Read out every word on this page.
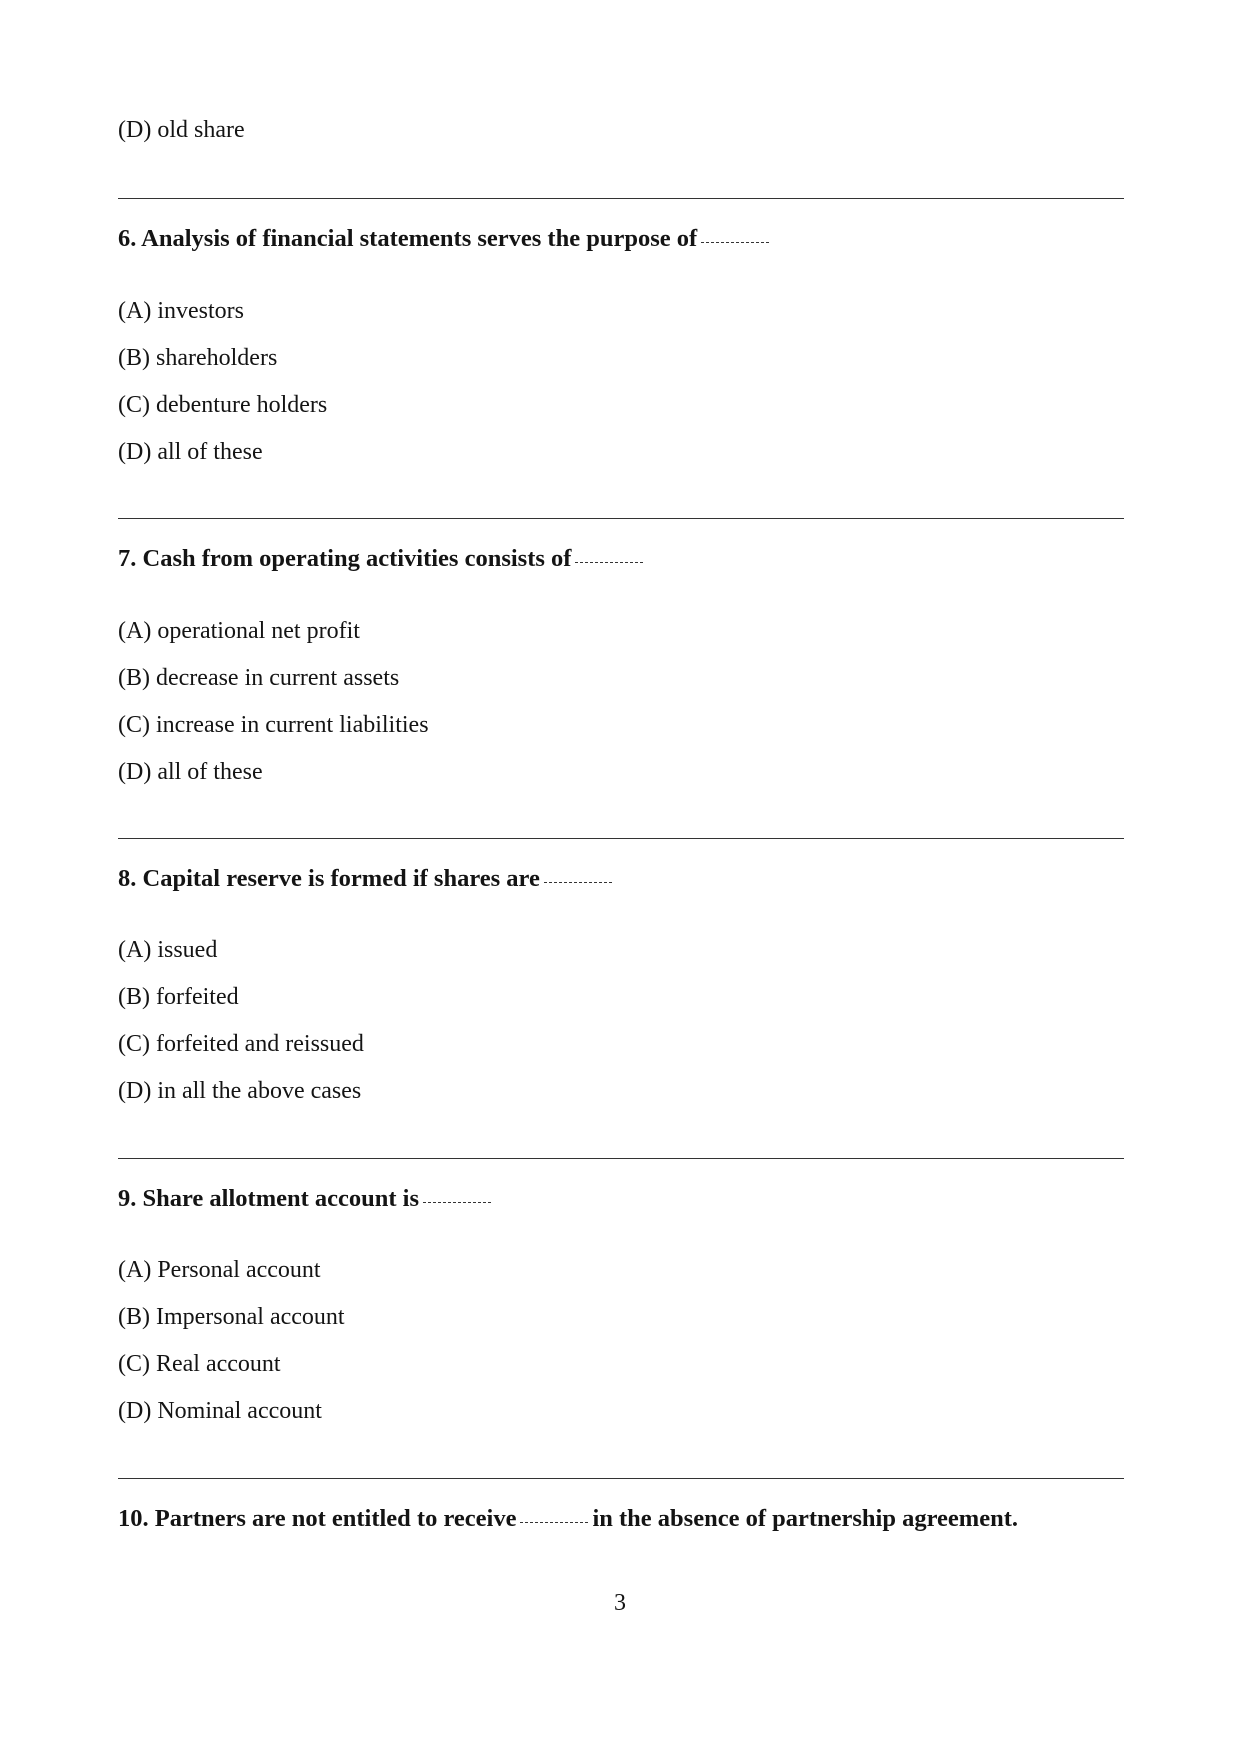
(D) old share
6. Analysis of financial statements serves the purpose of
(A) investors
(B) shareholders
(C) debenture holders
(D) all of these
7. Cash from operating activities consists of
(A) operational net profit
(B) decrease in current assets
(C) increase in current liabilities
(D) all of these
8. Capital reserve is formed if shares are
(A) issued
(B) forfeited
(C) forfeited and reissued
(D) in all the above cases
9. Share allotment account is
(A) Personal account
(B) Impersonal account
(C) Real account
(D) Nominal account
10. Partners are not entitled to receive	in the absence of partnership agreement.
3
